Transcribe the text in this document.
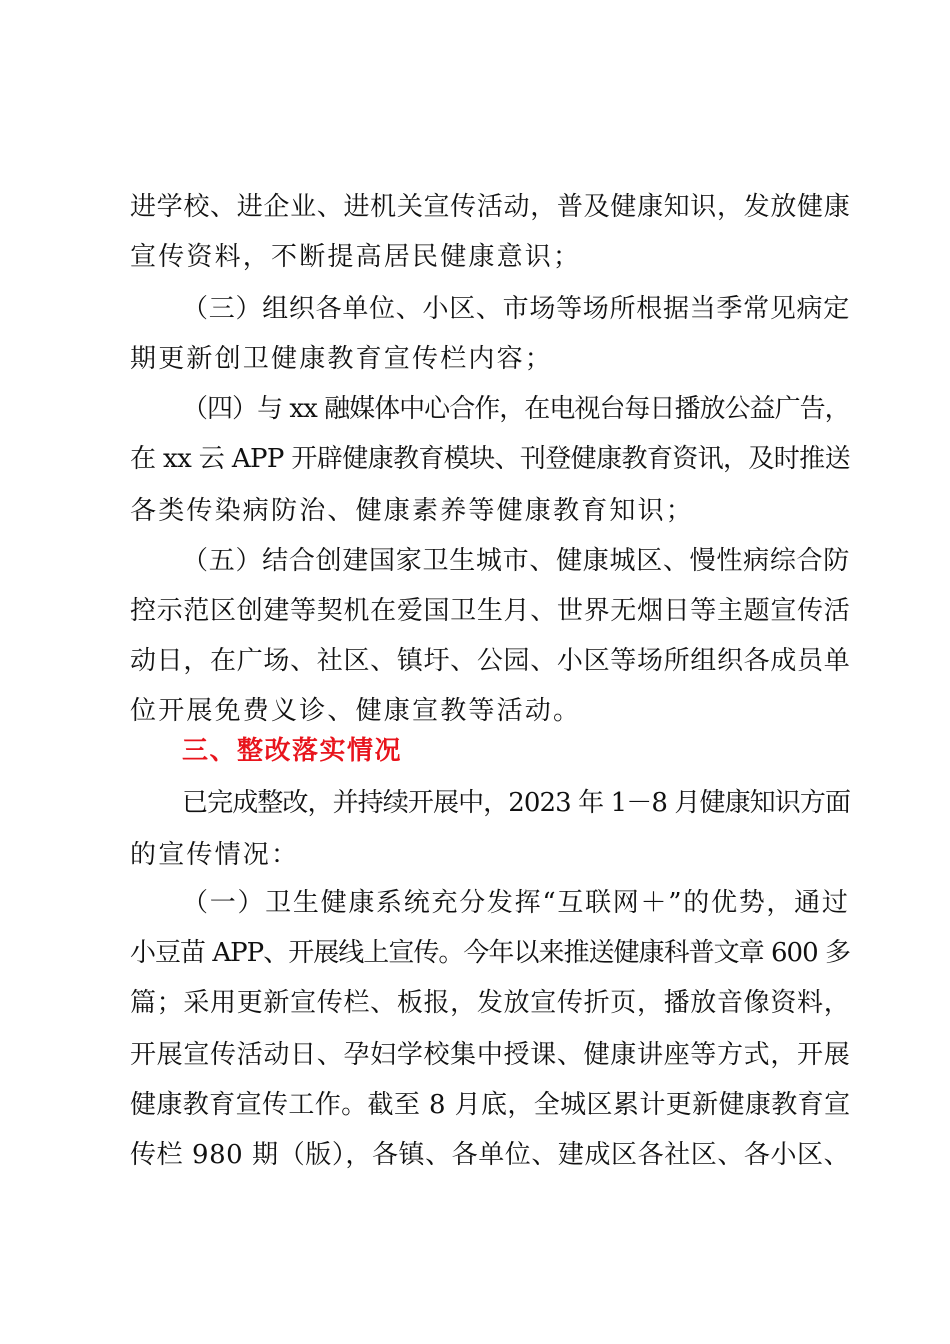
进学校、进企业、进机关宣传活动，普及健康知识，发放健康
宣传资料，不断提高居民健康意识；
（三）组织各单位、小区、市场等场所根据当季常见病定
期更新创卫健康教育宣传栏内容；
（四）与 xx 融媒体中心合作，在电视台每日播放公益广告，
在 xx 云 APP 开辟健康教育模块、刊登健康教育资讯，及时推送
各类传染病防治、健康素养等健康教育知识；
（五）结合创建国家卫生城市、健康城区、慢性病综合防
控示范区创建等契机在爱国卫生月、世界无烟日等主题宣传活
动日，在广场、社区、镇圩、公园、小区等场所组织各成员单
位开展免费义诊、健康宣教等活动。
三、整改落实情况
已完成整改，并持续开展中，2023 年 1－8 月健康知识方面
的宣传情况：
（一）卫生健康系统充分发挥“互联网＋”的优势，通过
小豆苗 APP、开展线上宣传。今年以来推送健康科普文章 600 多
篇；采用更新宣传栏、板报，发放宣传折页，播放音像资料，
开展宣传活动日、孕妇学校集中授课、健康讲座等方式，开展
健康教育宣传工作。截至 8 月底，全城区累计更新健康教育宣
传栏 980 期（版），各镇、各单位、建成区各社区、各小区、
